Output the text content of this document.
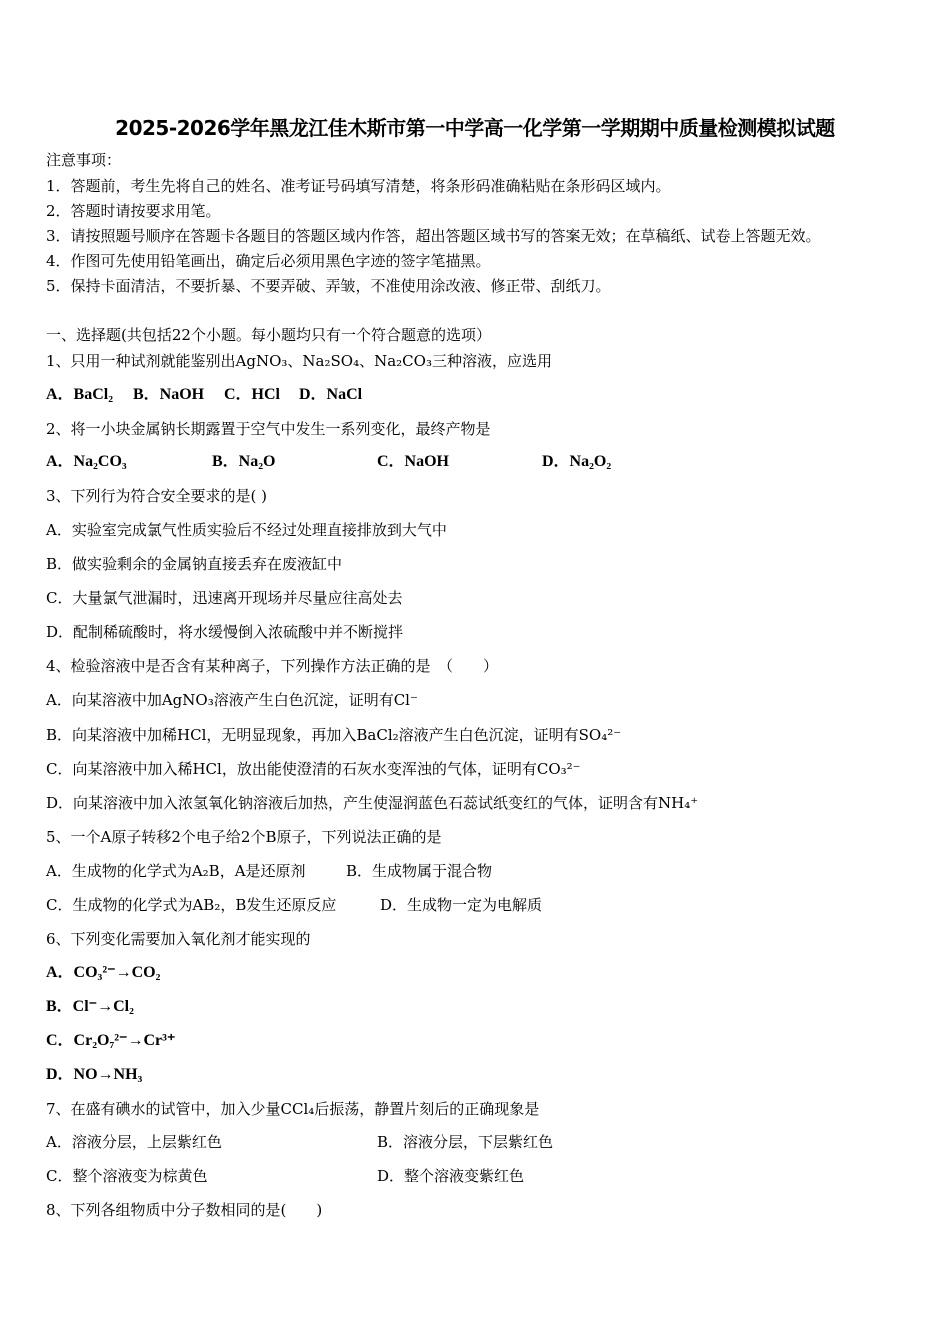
2025-2026学年黑龙江佳木斯市第一中学高一化学第一学期期中质量检测模拟试题
注意事项：
1．答题前，考生先将自己的姓名、准考证号码填写清楚，将条形码准确粘贴在条形码区域内。
2．答题时请按要求用笔。
3．请按照题号顺序在答题卡各题目的答题区域内作答，超出答题区域书写的答案无效；在草稿纸、试卷上答题无效。
4．作图可先使用铅笔画出，确定后必须用黑色字迹的签字笔描黑。
5．保持卡面清洁，不要折暴、不要弄破、弄皱，不准使用涂改液、修正带、刮纸刀。
一、选择题(共包括22个小题。每小题均只有一个符合题意的选项）
1、只用一种试剂就能鉴别出AgNO₃、Na₂SO₄、Na₂CO₃三种溶液，应选用
A．BaCl₂ B．NaOH C．HCl D．NaCl
2、将一小块金属钠长期露置于空气中发生一系列变化，最终产物是
A．Na₂CO₃	B．Na₂O	C．NaOH	D．Na₂O₂
3、下列行为符合安全要求的是( )
A．实验室完成氯气性质实验后不经过处理直接排放到大气中
B．做实验剩余的金属钠直接丢弃在废液缸中
C．大量氯气泄漏时，迅速离开现场并尽量应往高处去
D．配制稀硫酸时，将水缓慢倒入浓硫酸中并不断搅拌
4、检验溶液中是否含有某种离子，下列操作方法正确的是　（　　）
A．向某溶液中加AgNO₃溶液产生白色沉淀，证明有Cl⁻
B．向某溶液中加稀HCl，无明显现象，再加入BaCl₂溶液产生白色沉淀，证明有SO₄²⁻
C．向某溶液中加入稀HCl，放出能使澄清的石灰水变浑浊的气体，证明有CO₃²⁻
D．向某溶液中加入浓氢氧化钠溶液后加热，产生使湿润蓝色石蕊试纸变红的气体，证明含有NH₄⁺
5、一个A原子转移2个电子给2个B原子，下列说法正确的是
A．生成物的化学式为A₂B，A是还原剂	B．生成物属于混合物
C．生成物的化学式为AB₂，B发生还原反应	D．生成物一定为电解质
6、下列变化需要加入氧化剂才能实现的
A．CO₃²⁻→CO₂
B．Cl⁻→Cl₂
C．Cr₂O₇²⁻→Cr³⁺
D．NO→NH₃
7、在盛有碘水的试管中，加入少量CCl₄后振荡，静置片刻后的正确现象是
A．溶液分层，上层紫红色	B．溶液分层，下层紫红色
C．整个溶液变为棕黄色	D．整个溶液变紫红色
8、下列各组物质中分子数相同的是(　　)
